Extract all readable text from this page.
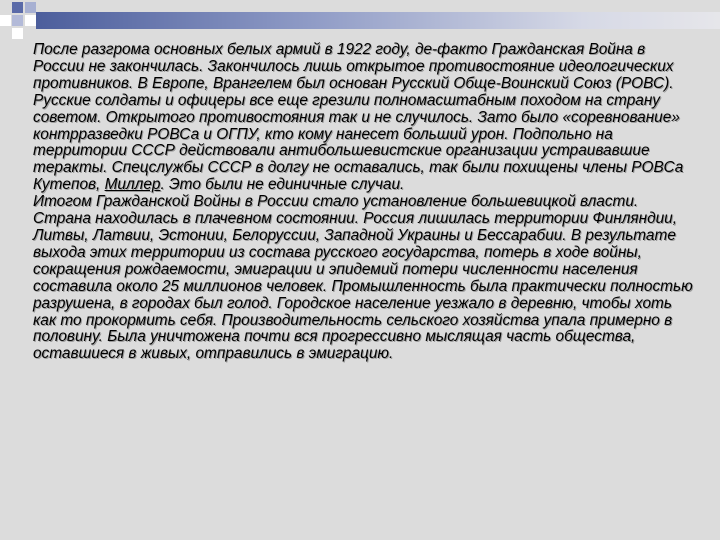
После разгрома основных белых армий в 1922 году, де-факто Гражданская Война в России не закончилась. Закончилось лишь открытое противостояние идеологических противников. В Европе, Врангелем был основан Русский Обще-Воинский Союз (РОВС). Русские солдаты и офицеры все еще грезили полномасштабным походом на страну советом. Открытого противостояния так и не случилось. Зато было «соревнование» контрразведки РОВСа и ОГПУ, кто кому нанесет больший урон. Подпольно на территории СССР действовали антибольшевистские организации устраивавшие теракты. Спецслужбы СССР в долгу не оставались, так были похищены члены РОВСа Кутепов, Миллер. Это были не единичные случаи.

Итогом Гражданской Войны в России стало установление большевицкой власти. Страна находилась в плачевном состоянии. Россия лишилась территории Финляндии, Литвы, Латвии, Эстонии, Белоруссии, Западной Украины и Бессарабии. В результате выхода этих территории из состава русского государства, потерь в ходе войны, сокращения рождаемости, эмиграции и эпидемий потери численности населения составила около 25 миллионов человек. Промышленность была практически полностью разрушена, в городах был голод. Городское население уезжало в деревню, чтобы хоть как то прокормить себя. Производительность сельского хозяйства упала примерно в половину. Была уничтожена почти вся прогрессивно мыслящая часть общества, оставшиеся в живых, отправились в эмиграцию.
